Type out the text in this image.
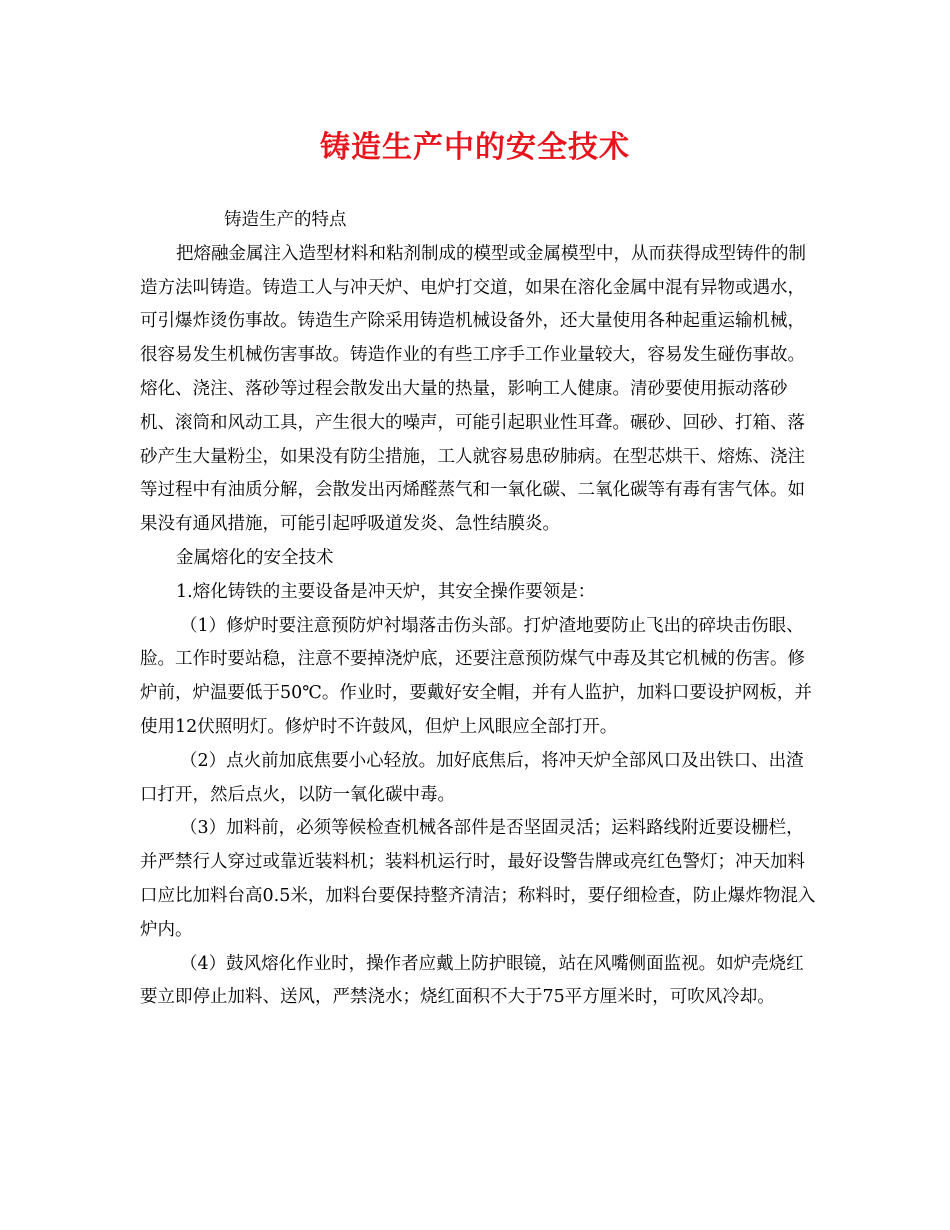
铸造生产中的安全技术

铸造生产的特点

把熔融金属注入造型材料和粘剂制成的模型或金属模型中，从而获得成型铸件的制造方法叫铸造。铸造工人与冲天炉、电炉打交道，如果在溶化金属中混有异物或遇水，可引爆炸烫伤事故。铸造生产除采用铸造机械设备外，还大量使用各种起重运输机械，很容易发生机械伤害事故。铸造作业的有些工序手工作业量较大，容易发生碰伤事故。熔化、浇注、落砂等过程会散发出大量的热量，影响工人健康。清砂要使用振动落砂机、滚筒和风动工具，产生很大的噪声，可能引起职业性耳聋。碾砂、回砂、打箱、落砂产生大量粉尘，如果没有防尘措施，工人就容易患矽肺病。在型芯烘干、熔炼、浇注等过程中有油质分解，会散发出丙烯醛蒸气和一氧化碳、二氧化碳等有毒有害气体。如果没有通风措施，可能引起呼吸道发炎、急性结膜炎。

金属熔化的安全技术

1.熔化铸铁的主要设备是冲天炉，其安全操作要领是：

（1）修炉时要注意预防炉衬塌落击伤头部。打炉渣地要防止飞出的碎块击伤眼、脸。工作时要站稳，注意不要掉浇炉底，还要注意预防煤气中毒及其它机械的伤害。修炉前，炉温要低于50℃。作业时，要戴好安全帽，并有人监护，加料口要设护网板，并使用12伏照明灯。修炉时不许鼓风，但炉上风眼应全部打开。

（2）点火前加底焦要小心轻放。加好底焦后，将冲天炉全部风口及出铁口、出渣口打开，然后点火，以防一氧化碳中毒。

（3）加料前，必须等候检查机械各部件是否坚固灵活；运料路线附近要设栅栏，并严禁行人穿过或靠近装料机；装料机运行时，最好设警告牌或亮红色警灯；冲天加料口应比加料台高0.5米，加料台要保持整齐清洁；称料时，要仔细检查，防止爆炸物混入炉内。

（4）鼓风熔化作业时，操作者应戴上防护眼镜，站在风嘴侧面监视。如炉壳烧红要立即停止加料、送风，严禁浇水；烧红面积不大于75平方厘米时，可吹风冷却。
